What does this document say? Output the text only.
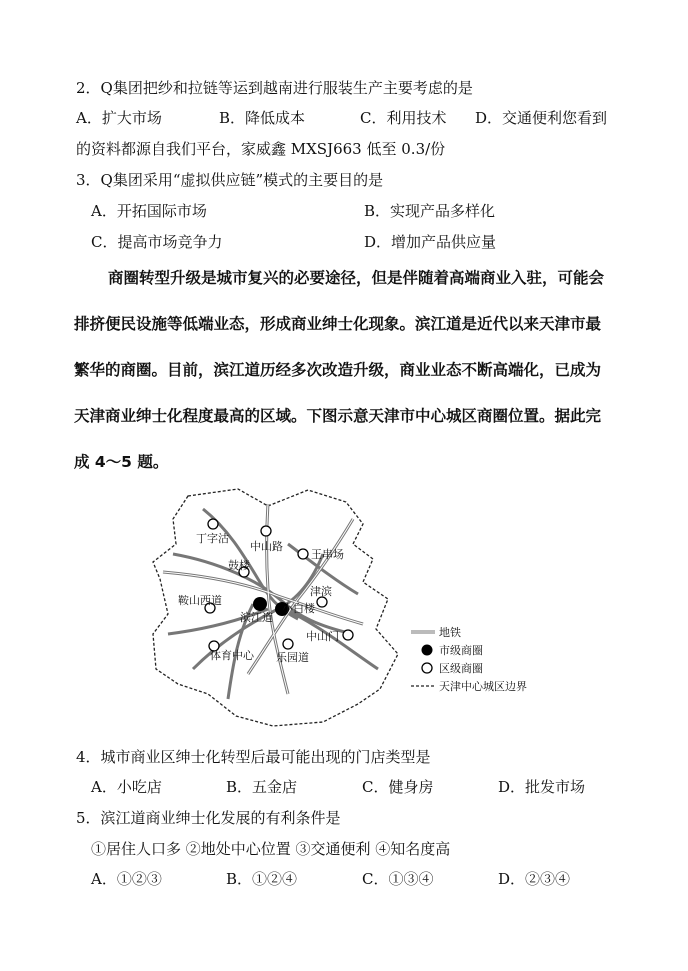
2．Q集团把纱和拉链等运到越南进行服装生产主要考虑的是
A．扩大市场	B．降低成本	C．利用技术 D．交通便利您看到
的资料都源自我们平台，家威鑫 MXSJ663 低至 0.3/份
3．Q集团采用“虚拟供应链”模式的主要目的是
A．开拓国际市场	B．实现产品多样化
C．提高市场竞争力	D．增加产品供应量
商圈转型升级是城市复兴的必要途径，但是伴随着高端商业入驻，可能会
排挤便民设施等低端业态，形成商业绅士化现象。滨江道是近代以来天津市最
繁华的商圈。目前，滨江道历经多次改造升级，商业业态不断高端化，已成为
天津商业绅士化程度最高的区域。下图示意天津市中心城区商圈位置。据此完
成 4～5 题。
丁字沽
中山路
王串场
鼓楼
津滨
鞍山西道
滨江道
小白楼
中山门
体育中心 乐园道
地铁
市级商圈
区级商圈
天津中心城区边界
4．城市商业区绅士化转型后最可能出现的门店类型是
A．小吃店	B．五金店	C．健身房	D．批发市场
5．滨江道商业绅士化发展的有利条件是
①居住人口多 ②地处中心位置 ③交通便利 ④知名度高
A．①②③	B．①②④	C．①③④	D．②③④
